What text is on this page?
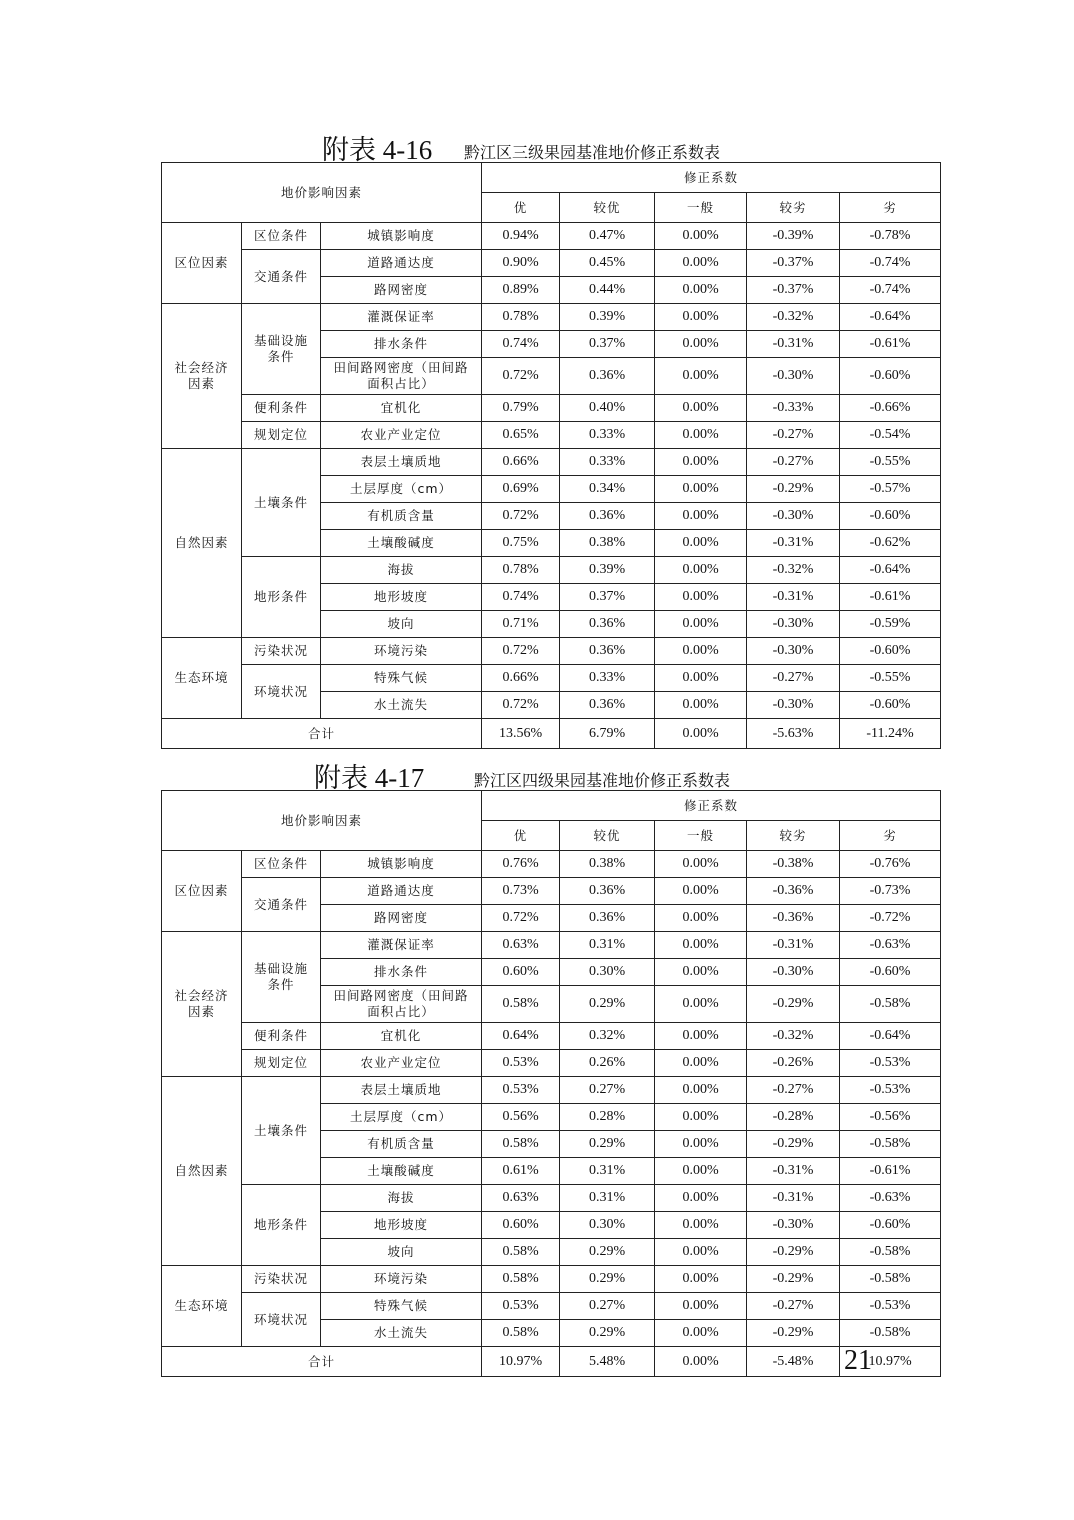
附表 4-16 黔江区三级果园基准地价修正系数表
地价影响因素			修正系数				
			优	较优	一般	较劣	劣
区位因素	区位条件	城镇影响度	0.94%	0.47%	0.00%	-0.39%	-0.78%
	交通条件	道路通达度	0.90%	0.45%	0.00%	-0.37%	-0.74%
		路网密度	0.89%	0.44%	0.00%	-0.37%	-0.74%
社会经济因素	基础设施条件	灌溉保证率	0.78%	0.39%	0.00%	-0.32%	-0.64%
		排水条件	0.74%	0.37%	0.00%	-0.31%	-0.61%
		田间路网密度（田间路面积占比）	0.72%	0.36%	0.00%	-0.30%	-0.60%
	便利条件	宜机化	0.79%	0.40%	0.00%	-0.33%	-0.66%
	规划定位	农业产业定位	0.65%	0.33%	0.00%	-0.27%	-0.54%
自然因素	土壤条件	表层土壤质地	0.66%	0.33%	0.00%	-0.27%	-0.55%
		土层厚度（cm）	0.69%	0.34%	0.00%	-0.29%	-0.57%
		有机质含量	0.72%	0.36%	0.00%	-0.30%	-0.60%
		土壤酸碱度	0.75%	0.38%	0.00%	-0.31%	-0.62%
	地形条件	海拔	0.78%	0.39%	0.00%	-0.32%	-0.64%
		地形坡度	0.74%	0.37%	0.00%	-0.31%	-0.61%
		坡向	0.71%	0.36%	0.00%	-0.30%	-0.59%
生态环境	污染状况	环境污染	0.72%	0.36%	0.00%	-0.30%	-0.60%
	环境状况	特殊气候	0.66%	0.33%	0.00%	-0.27%	-0.55%
		水土流失	0.72%	0.36%	0.00%	-0.30%	-0.60%
合计			13.56%	6.79%	0.00%	-5.63%	-11.24%
附表 4-17	黔江区四级果园基准地价修正系数表
地价影响因素			修正系数				
			优	较优	一般	较劣	劣
区位因素	区位条件	城镇影响度	0.76%	0.38%	0.00%	-0.38%	-0.76%
	交通条件	道路通达度	0.73%	0.36%	0.00%	-0.36%	-0.73%
		路网密度	0.72%	0.36%	0.00%	-0.36%	-0.72%
社会经济因素	基础设施条件	灌溉保证率	0.63%	0.31%	0.00%	-0.31%	-0.63%
		排水条件	0.60%	0.30%	0.00%	-0.30%	-0.60%
		田间路网密度（田间路面积占比）	0.58%	0.29%	0.00%	-0.29%	-0.58%
	便利条件	宜机化	0.64%	0.32%	0.00%	-0.32%	-0.64%
	规划定位	农业产业定位	0.53%	0.26%	0.00%	-0.26%	-0.53%
自然因素	土壤条件	表层土壤质地	0.53%	0.27%	0.00%	-0.27%	-0.53%
		土层厚度（cm）	0.56%	0.28%	0.00%	-0.28%	-0.56%
		有机质含量	0.58%	0.29%	0.00%	-0.29%	-0.58%
		土壤酸碱度	0.61%	0.31%	0.00%	-0.31%	-0.61%
	地形条件	海拔	0.63%	0.31%	0.00%	-0.31%	-0.63%
		地形坡度	0.60%	0.30%	0.00%	-0.30%	-0.60%
		坡向	0.58%	0.29%	0.00%	-0.29%	-0.58%
生态环境	污染状况	环境污染	0.58%	0.29%	0.00%	-0.29%	-0.58%
	环境状况	特殊气候	0.53%	0.27%	0.00%	-0.27%	-0.53%
		水土流失	0.58%	0.29%	0.00%	-0.29%	-0.58%
合计			10.97%	5.48%	0.00%	-5.48%	10.97%
21
